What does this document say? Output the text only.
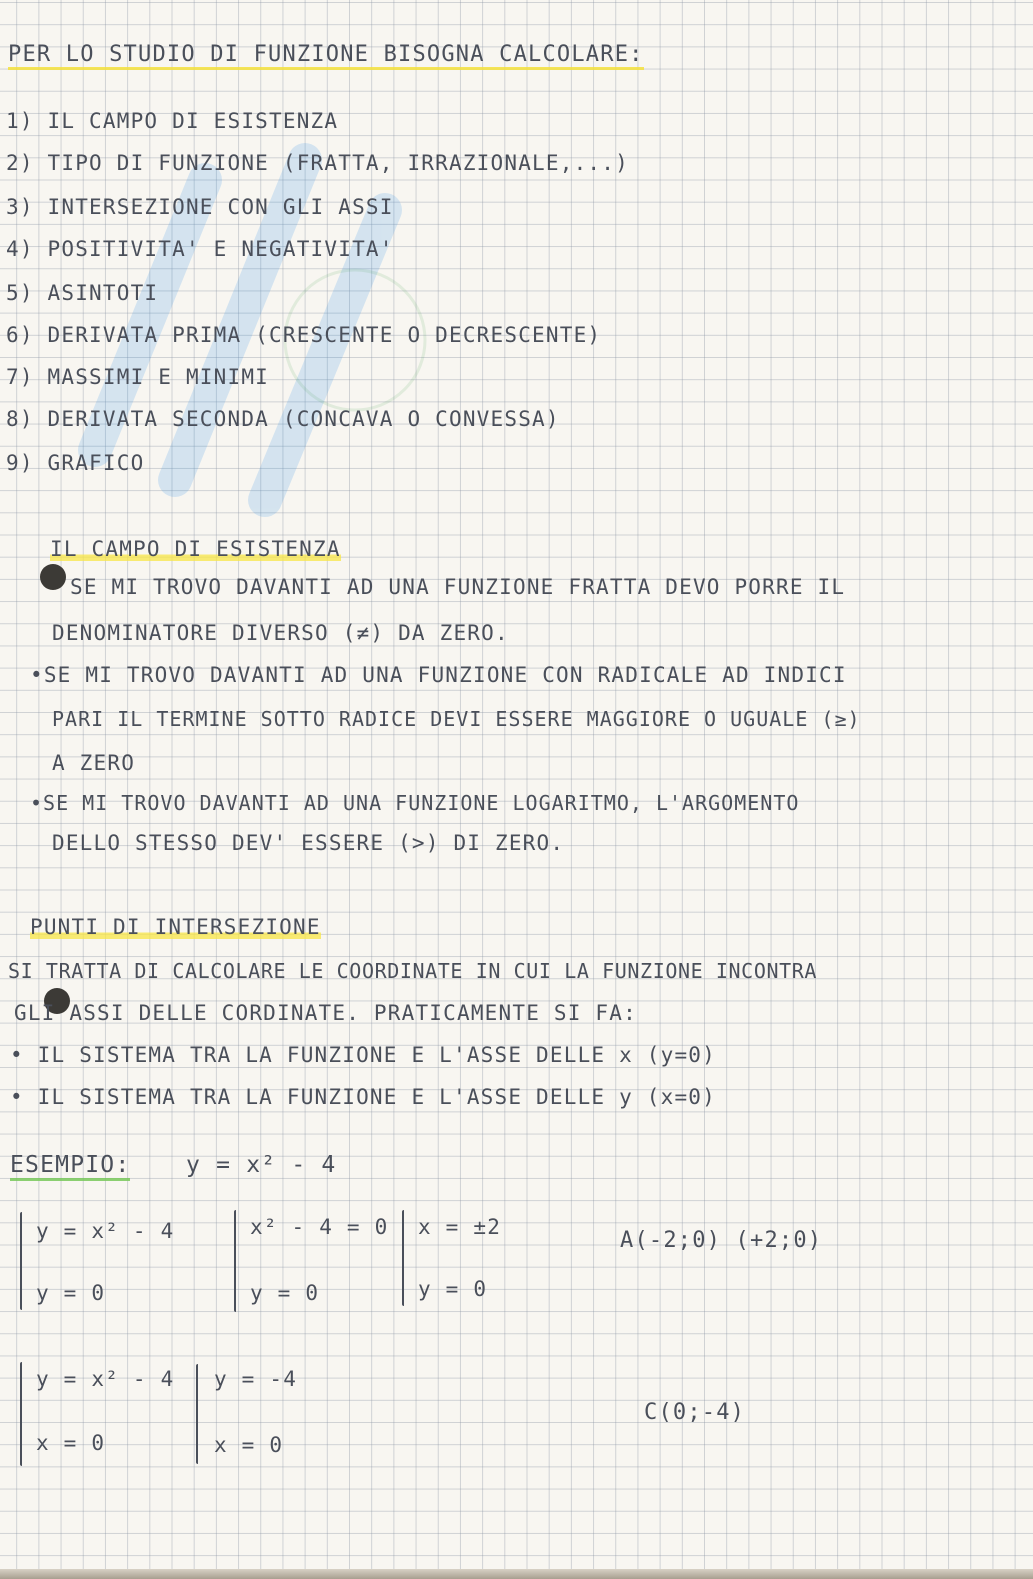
PER LO STUDIO DI FUNZIONE BISOGNA CALCOLARE:
1) IL CAMPO DI ESISTENZA
2) TIPO DI FUNZIONE (FRATTA, IRRAZIONALE,...)
3) INTERSEZIONE CON GLI ASSI
4) POSITIVITA' E NEGATIVITA'
5) ASINTOTI
6) DERIVATA PRIMA (CRESCENTE O DECRESCENTE)
7) MASSIMI E MINIMI
8) DERIVATA SECONDA (CONCAVA O CONVESSA)
9) GRAFICO
IL CAMPO DI ESISTENZA
SE MI TROVO DAVANTI AD UNA FUNZIONE FRATTA DEVO PORRE IL
DENOMINATORE DIVERSO (≠) DA ZERO.
•SE MI TROVO DAVANTI AD UNA FUNZIONE CON RADICALE AD INDICI
PARI IL TERMINE SOTTO RADICE DEVI ESSERE MAGGIORE O UGUALE (≥)
A ZERO
•SE MI TROVO DAVANTI AD UNA FUNZIONE LOGARITMO, L'ARGOMENTO
DELLO STESSO DEV' ESSERE (>) DI ZERO.
PUNTI DI INTERSEZIONE
SI TRATTA DI CALCOLARE LE COORDINATE IN CUI LA FUNZIONE INCONTRA
GLI ASSI DELLE CORDINATE. PRATICAMENTE SI FA:
• IL SISTEMA TRA LA FUNZIONE E L'ASSE DELLE x (y=0)
• IL SISTEMA TRA LA FUNZIONE E L'ASSE DELLE y (x=0)
ESEMPIO: y = x² - 4
y = x² - 4
y = 0
x² - 4 = 0
y = 0
x = ±2
y = 0
A(-2;0) (+2;0)
y = x² - 4
x = 0
y = -4
x = 0
C(0;-4)
